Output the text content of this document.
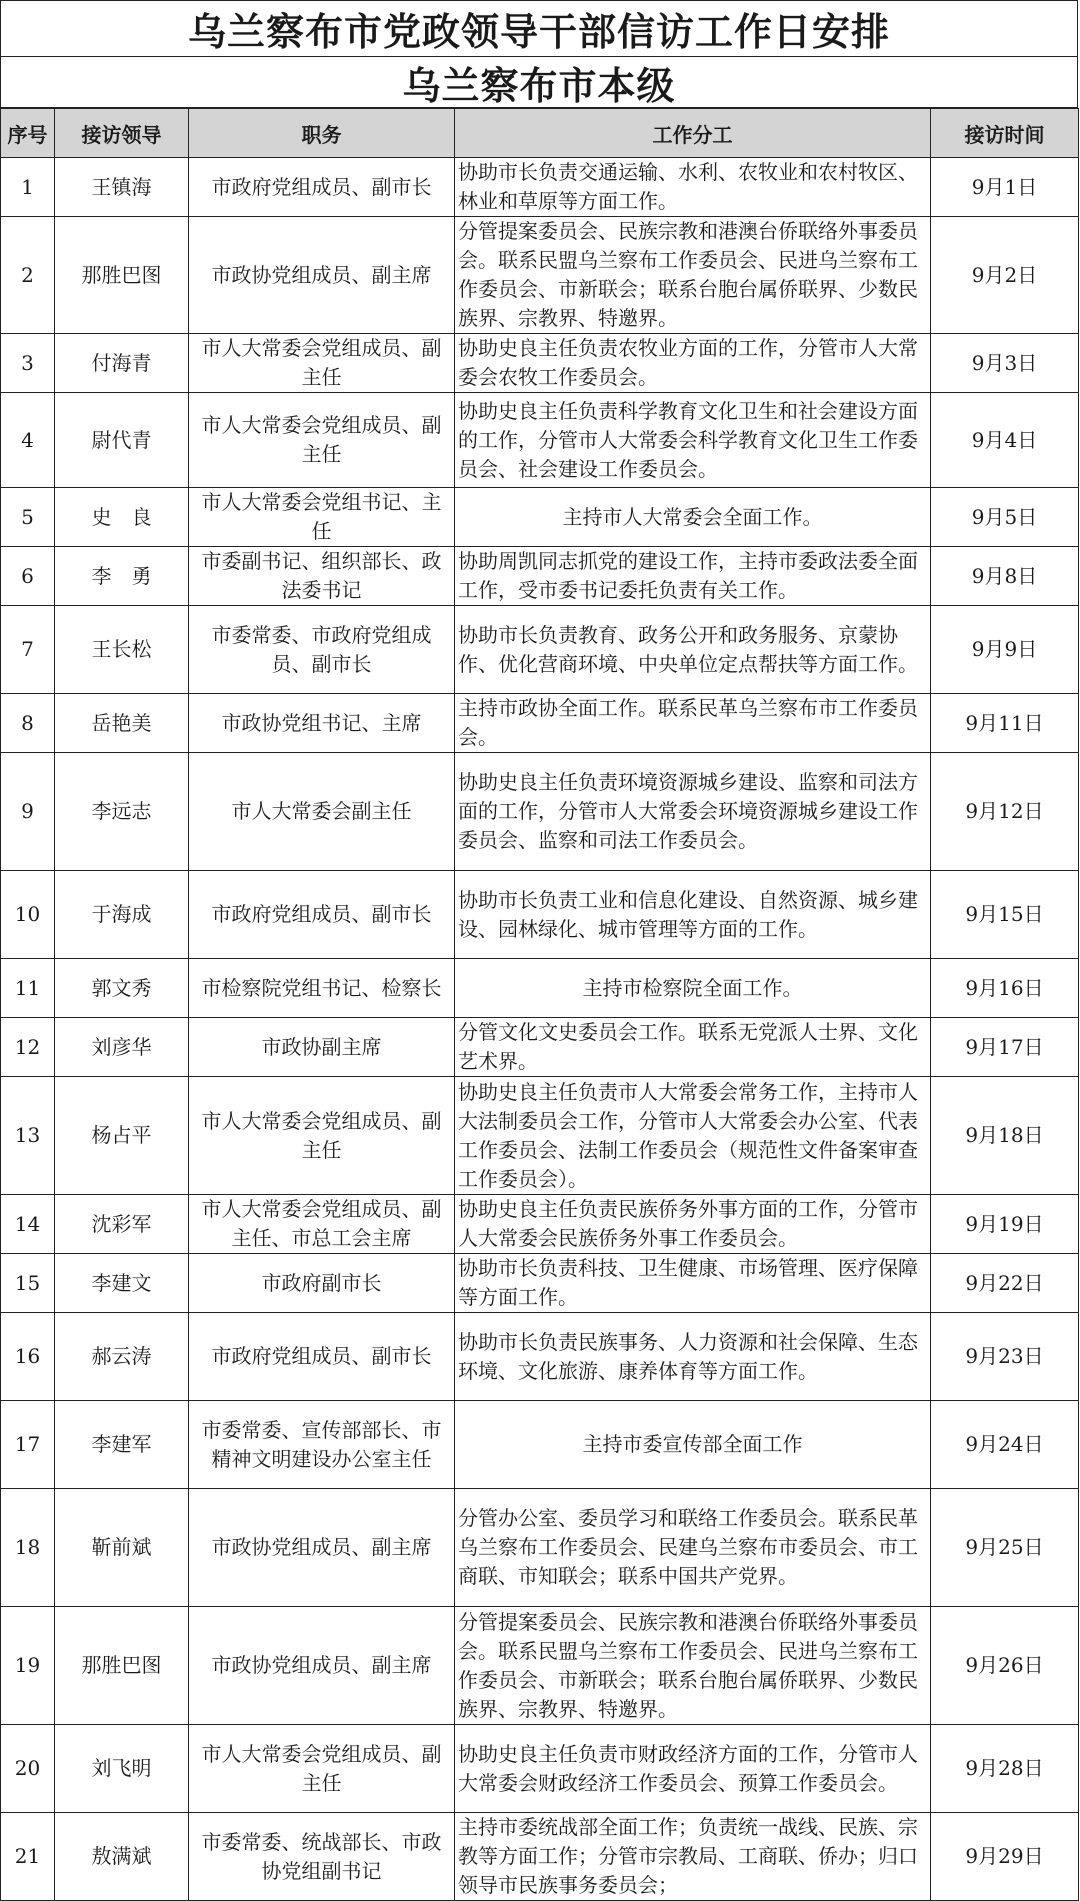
乌兰察布市党政领导干部信访工作日安排
乌兰察布市本级
序号	接访领导	职务	工作分工	接访时间
1	王镇海	市政府党组成员、副市长	协助市长负责交通运输、水利、农牧业和农村牧区、林业和草原等方面工作。	9月1日
2	那胜巴图	市政协党组成员、副主席	分管提案委员会、民族宗教和港澳台侨联络外事委员会。联系民盟乌兰察布工作委员会、民进乌兰察布工作委员会、市新联会；联系台胞台属侨联界、少数民族界、宗教界、特邀界。	9月2日
3	付海青	市人大常委会党组成员、副主任	协助史良主任负责农牧业方面的工作，分管市人大常委会农牧工作委员会。	9月3日
4	尉代青	市人大常委会党组成员、副主任	协助史良主任负责科学教育文化卫生和社会建设方面的工作，分管市人大常委会科学教育文化卫生工作委员会、社会建设工作委员会。	9月4日
5	史　良	市人大常委会党组书记、主任	主持市人大常委会全面工作。	9月5日
6	李　勇	市委副书记、组织部长、政法委书记	协助周凯同志抓党的建设工作，主持市委政法委全面工作，受市委书记委托负责有关工作。	9月8日
7	王长松	市委常委、市政府党组成员、副市长	协助市长负责教育、政务公开和政务服务、京蒙协作、优化营商环境、中央单位定点帮扶等方面工作。	9月9日
8	岳艳美	市政协党组书记、主席	主持市政协全面工作。联系民革乌兰察布市工作委员会。	9月11日
9	李远志	市人大常委会副主任	协助史良主任负责环境资源城乡建设、监察和司法方面的工作，分管市人大常委会环境资源城乡建设工作委员会、监察和司法工作委员会。	9月12日
10	于海成	市政府党组成员、副市长	协助市长负责工业和信息化建设、自然资源、城乡建设、园林绿化、城市管理等方面的工作。	9月15日
11	郭文秀	市检察院党组书记、检察长	主持市检察院全面工作。	9月16日
12	刘彦华	市政协副主席	分管文化文史委员会工作。联系无党派人士界、文化艺术界。	9月17日
13	杨占平	市人大常委会党组成员、副主任	协助史良主任负责市人大常委会常务工作，主持市人大法制委员会工作，分管市人大常委会办公室、代表工作委员会、法制工作委员会（规范性文件备案审查工作委员会）。	9月18日
14	沈彩军	市人大常委会党组成员、副主任、市总工会主席	协助史良主任负责民族侨务外事方面的工作，分管市人大常委会民族侨务外事工作委员会。	9月19日
15	李建文	市政府副市长	协助市长负责科技、卫生健康、市场管理、医疗保障等方面工作。	9月22日
16	郝云涛	市政府党组成员、副市长	协助市长负责民族事务、人力资源和社会保障、生态环境、文化旅游、康养体育等方面工作。	9月23日
17	李建军	市委常委、宣传部部长、市精神文明建设办公室主任	主持市委宣传部全面工作	9月24日
18	靳前斌	市政协党组成员、副主席	分管办公室、委员学习和联络工作委员会。联系民革乌兰察布工作委员会、民建乌兰察布市委员会、市工商联、市知联会；联系中国共产党界。	9月25日
19	那胜巴图	市政协党组成员、副主席	分管提案委员会、民族宗教和港澳台侨联络外事委员会。联系民盟乌兰察布工作委员会、民进乌兰察布工作委员会、市新联会；联系台胞台属侨联界、少数民族界、宗教界、特邀界。	9月26日
20	刘飞明	市人大常委会党组成员、副主任	协助史良主任负责市财政经济方面的工作，分管市人大常委会财政经济工作委员会、预算工作委员会。	9月28日
21	敖满斌	市委常委、统战部长、市政协党组副书记	主持市委统战部全面工作；负责统一战线、民族、宗教等方面工作；分管市宗教局、工商联、侨办；归口领导市民族事务委员会；	9月29日
